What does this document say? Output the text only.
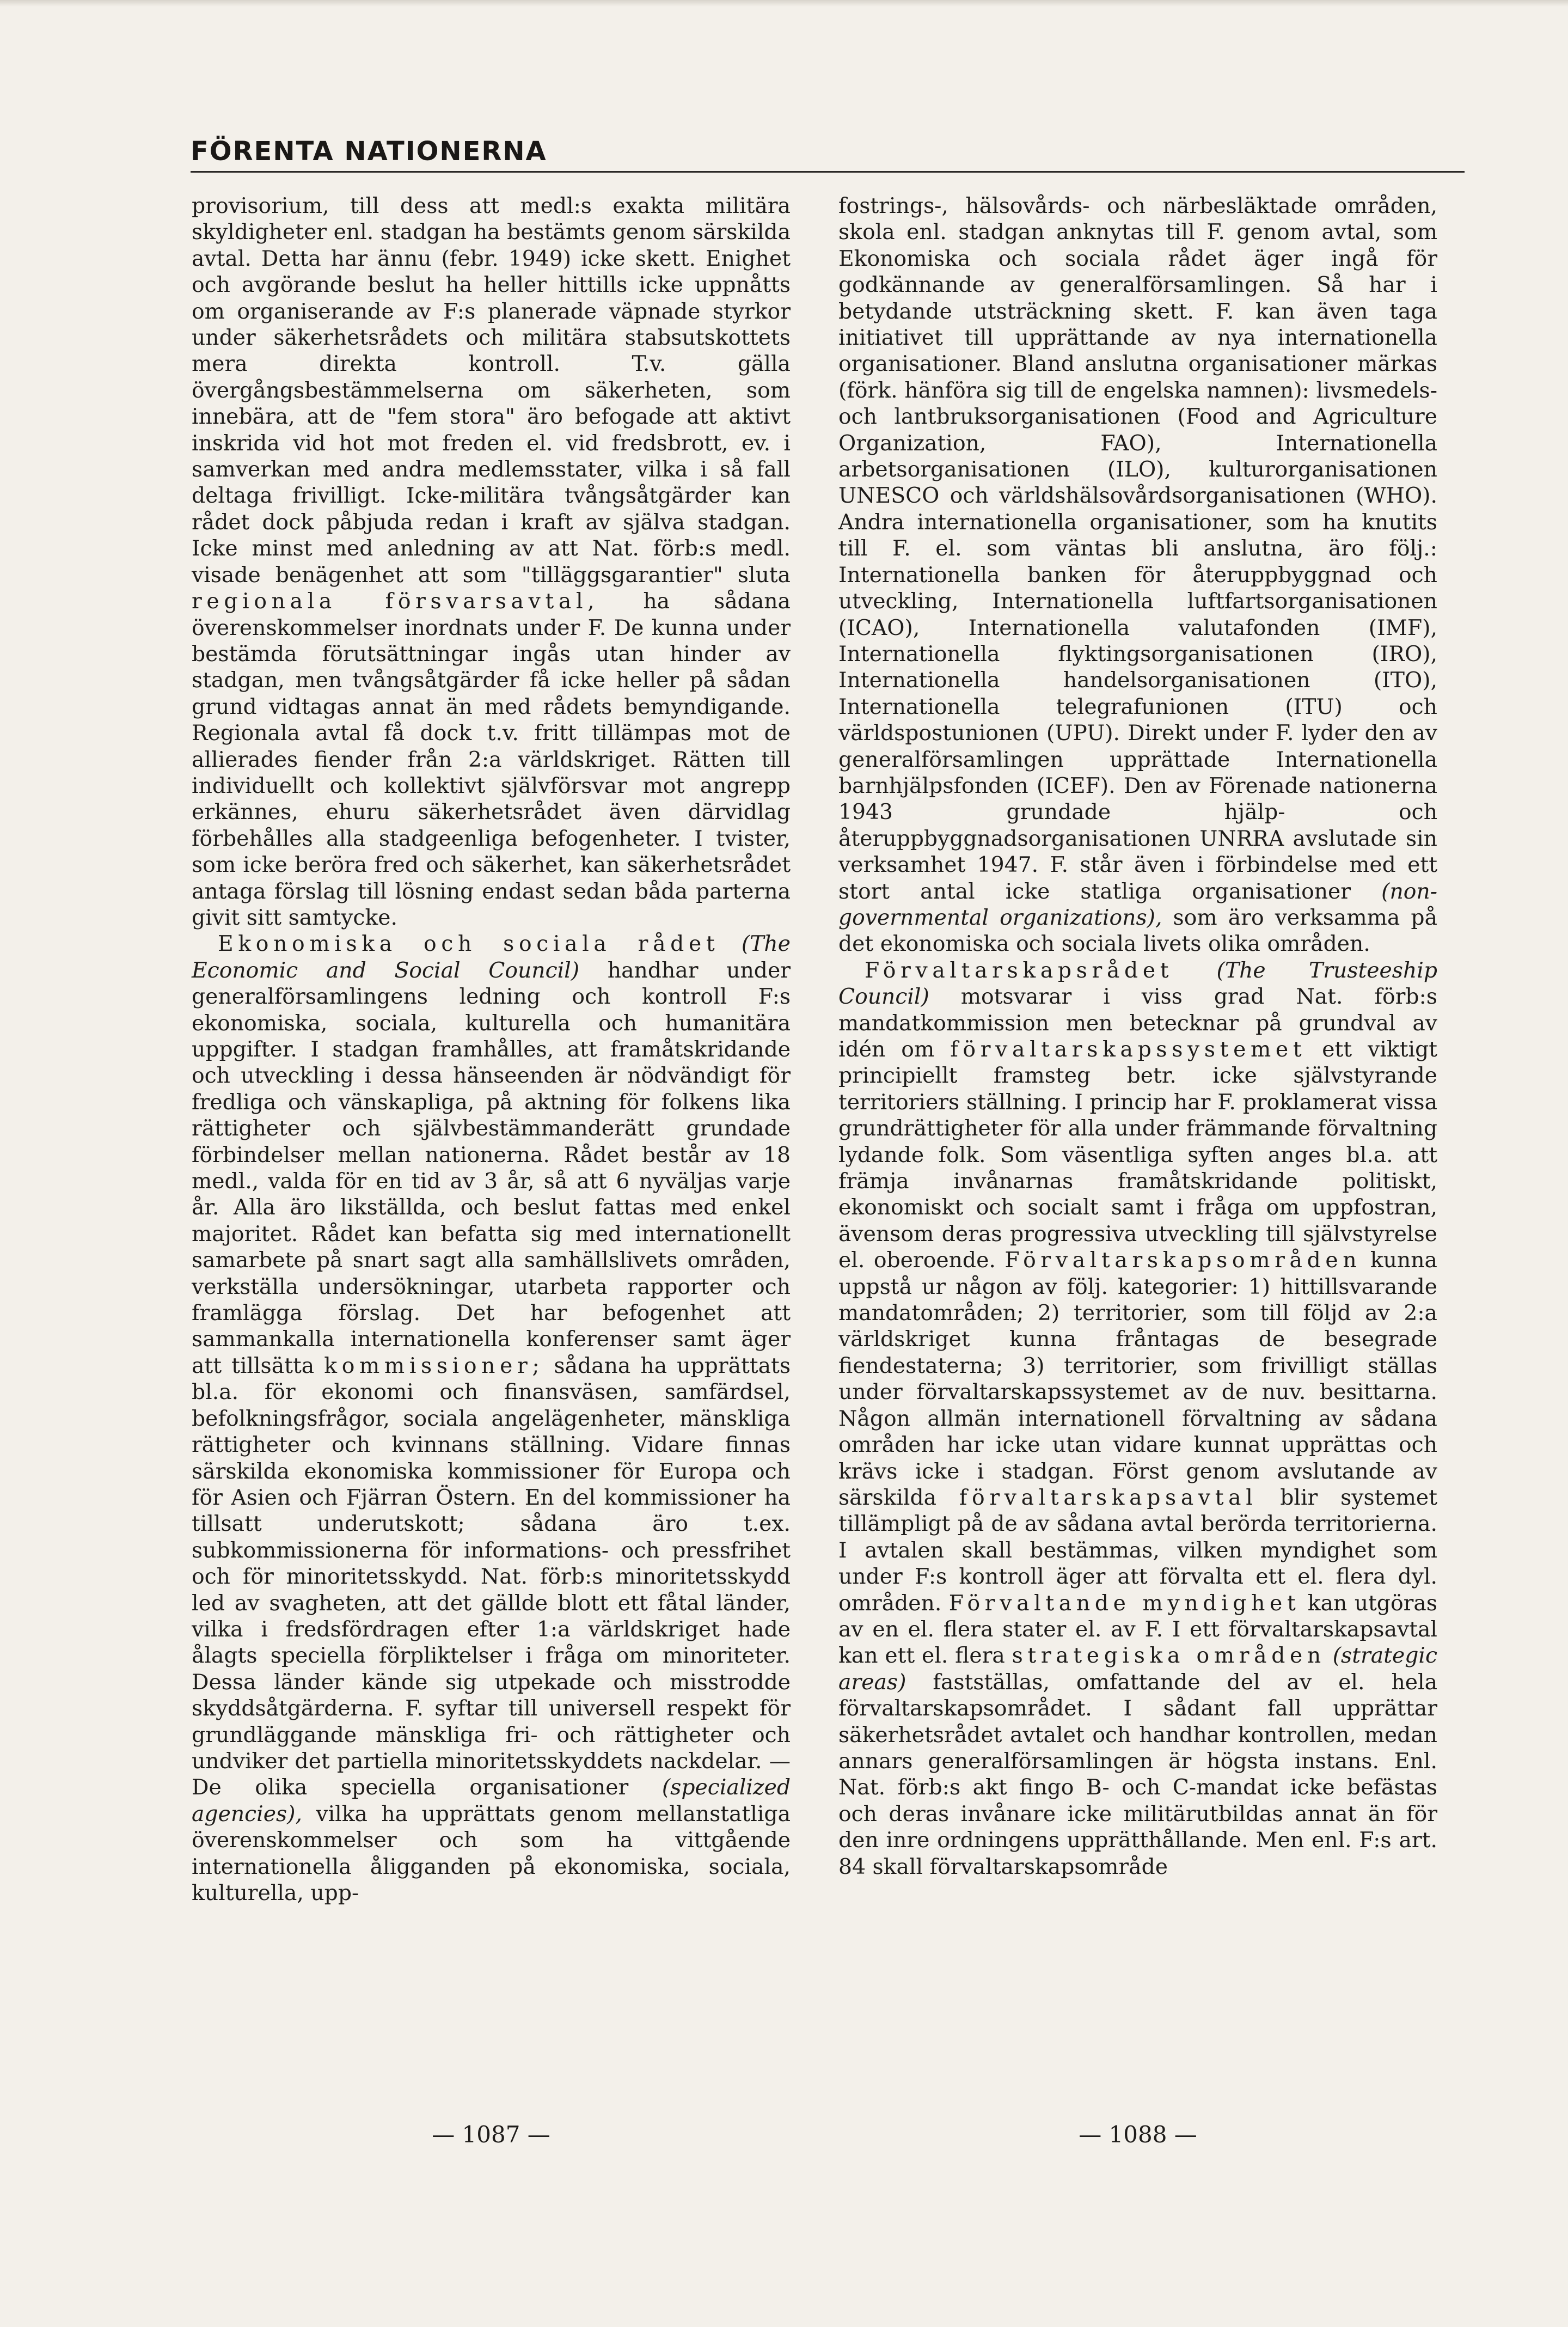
FÖRENTA NATIONERNA

provisorium, till dess att medl:s exakta militära skyldigheter enl. stadgan ha bestämts genom särskilda avtal. Detta har ännu (febr. 1949) icke skett. Enighet och avgörande beslut ha heller hittills icke uppnåtts om organiserande av F:s planerade väpnade styrkor under säkerhetsrådets och militära stabsutskottets mera direkta kontroll. T.v. gälla övergångsbestämmelserna om säkerheten, som innebära, att de "fem stora" äro befogade att aktivt inskrida vid hot mot freden el. vid fredsbrott, ev. i samverkan med andra medlemsstater, vilka i så fall deltaga frivilligt. Icke-militära tvångsåtgärder kan rådet dock påbjuda redan i kraft av själva stadgan. Icke minst med anledning av att Nat. förb:s medl. visade benägenhet att som "tilläggsgarantier" sluta regionala försvarsavtal, ha sådana överenskommelser inordnats under F. De kunna under bestämda förutsättningar ingås utan hinder av stadgan, men tvångsåtgärder få icke heller på sådan grund vidtagas annat än med rådets bemyndigande. Regionala avtal få dock t.v. fritt tillämpas mot de allierades fiender från 2:a världskriget. Rätten till individuellt och kollektivt självförsvar mot angrepp erkännes, ehuru säkerhetsrådet även därvidlag förbehålles alla stadgeenliga befogenheter. I tvister, som icke beröra fred och säkerhet, kan säkerhetsrådet antaga förslag till lösning endast sedan båda parterna givit sitt samtycke.

Ekonomiska och sociala rådet (The Economic and Social Council) handhar under generalförsamlingens ledning och kontroll F:s ekonomiska, sociala, kulturella och humanitära uppgifter. I stadgan framhålles, att framåtskridande och utveckling i dessa hänseenden är nödvändigt för fredliga och vänskapliga, på aktning för folkens lika rättigheter och självbestämmanderätt grundade förbindelser mellan nationerna. Rådet består av 18 medl., valda för en tid av 3 år, så att 6 nyväljas varje år. Alla äro likställda, och beslut fattas med enkel majoritet. Rådet kan befatta sig med internationellt samarbete på snart sagt alla samhällslivets områden, verkställa undersökningar, utarbeta rapporter och framlägga förslag. Det har befogenhet att sammankalla internationella konferenser samt äger att tillsätta kommissioner; sådana ha upprättats bl.a. för ekonomi och finansväsen, samfärdsel, befolkningsfrågor, sociala angelägenheter, mänskliga rättigheter och kvinnans ställning. Vidare finnas särskilda ekonomiska kommissioner för Europa och för Asien och Fjärran Östern. En del kommissioner ha tillsatt underutskott; sådana äro t.ex. subkommissionerna för informations- och pressfrihet och för minoritetsskydd. Nat. förb:s minoritetsskydd led av svagheten, att det gällde blott ett fåtal länder, vilka i fredsfördragen efter 1:a världskriget hade ålagts speciella förpliktelser i fråga om minoriteter. Dessa länder kände sig utpekade och misstrodde skyddsåtgärderna. F. syftar till universell respekt för grundläggande mänskliga fri- och rättigheter och undviker det partiella minoritetsskyddets nackdelar. — De olika speciella organisationer (specialized agencies), vilka ha upprättats genom mellanstatliga överenskommelser och som ha vittgående internationella åligganden på ekonomiska, sociala, kulturella, upp-

fostrings-, hälsovårds- och närbesläktade områden, skola enl. stadgan anknytas till F. genom avtal, som Ekonomiska och sociala rådet äger ingå för godkännande av generalförsamlingen. Så har i betydande utsträckning skett. F. kan även taga initiativet till upprättande av nya internationella organisationer. Bland anslutna organisationer märkas (förk. hänföra sig till de engelska namnen): livsmedels- och lantbruksorganisationen (Food and Agriculture Organization, FAO), Internationella arbetsorganisationen (ILO), kulturorganisationen UNESCO och världshälsovårdsorganisationen (WHO). Andra internationella organisationer, som ha knutits till F. el. som väntas bli anslutna, äro följ.: Internationella banken för återuppbyggnad och utveckling, Internationella luftfartsorganisationen (ICAO), Internationella valutafonden (IMF), Internationella flyktingsorganisationen (IRO), Internationella handelsorganisationen (ITO), Internationella telegrafunionen (ITU) och världspostunionen (UPU). Direkt under F. lyder den av generalförsamlingen upprättade Internationella barnhjälpsfonden (ICEF). Den av Förenade nationerna 1943 grundade hjälp- och återuppbyggnadsorganisationen UNRRA avslutade sin verksamhet 1947. F. står även i förbindelse med ett stort antal icke statliga organisationer (non-governmental organizations), som äro verksamma på det ekonomiska och sociala livets olika områden.

Förvaltarskapsrådet (The Trusteeship Council) motsvarar i viss grad Nat. förb:s mandatkommission men betecknar på grundval av idén om förvaltarskapssystemet ett viktigt principiellt framsteg betr. icke självstyrande territoriers ställning. I princip har F. proklamerat vissa grundrättigheter för alla under främmande förvaltning lydande folk. Som väsentliga syften anges bl.a. att främja invånarnas framåtskridande politiskt, ekonomiskt och socialt samt i fråga om uppfostran, ävensom deras progressiva utveckling till självstyrelse el. oberoende. Förvaltarskapsområden kunna uppstå ur någon av följ. kategorier: 1) hittillsvarande mandatområden; 2) territorier, som till följd av 2:a världskriget kunna fråntagas de besegrade fiendestaterna; 3) territorier, som frivilligt ställas under förvaltarskapssystemet av de nuv. besittarna. Någon allmän internationell förvaltning av sådana områden har icke utan vidare kunnat upprättas och krävs icke i stadgan. Först genom avslutande av särskilda förvaltarskapsavtal blir systemet tillämpligt på de av sådana avtal berörda territorierna. I avtalen skall bestämmas, vilken myndighet som under F:s kontroll äger att förvalta ett el. flera dyl. områden. Förvaltande myndighet kan utgöras av en el. flera stater el. av F. I ett förvaltarskapsavtal kan ett el. flera strategiska områden (strategic areas) fastställas, omfattande del av el. hela förvaltarskapsområdet. I sådant fall upprättar säkerhetsrådet avtalet och handhar kontrollen, medan annars generalförsamlingen är högsta instans. Enl. Nat. förb:s akt fingo B- och C-mandat icke befästas och deras invånare icke militärutbildas annat än för den inre ordningens upprätthållande. Men enl. F:s art. 84 skall förvaltarskapsområde

— 1087 —	— 1088 —
